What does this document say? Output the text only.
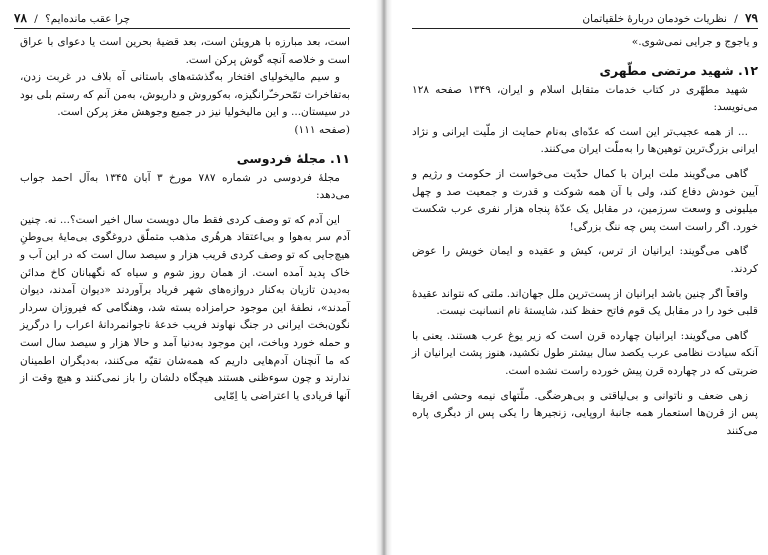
۷۹ / نظریات خودمان دربارۀ خلقیاتمان

و یاجوج و جرایی نمی‌شوی.»

۱۲. شهید مرتضی مطّهری

شهید مطهّری در کتاب خدمات متقابل اسلام و ایران، ۱۳۴۹ صفحه ۱۲۸ می‌نویسد:

... از همه عجیب‌تر این است که عدّه‌ای به‌نام حمایت از ملّیت ایرانی و نژاد ایرانی بزرگ‌ترین توهین‌ها را به‌ملّت ایران می‌کنند.

گاهی می‌گویند ملت ایران با کمال حدّیت می‌خواست از حکومت و رژیم و آیین خودش دفاع کند، ولی با آن همه شوکت و قدرت و جمعیت صد و چهل میلیونی و وسعت سرزمین، در مقابل یک عدّۀ پنجاه هزار نفری عرب شکست خورد. اگر راست است پس چه ننگ بزرگی!

گاهی می‌گویند: ایرانیان از ترس، کیش و عقیده و ایمان خویش را عوض کردند.

واقعاً اگر چنین باشد ایرانیان از پست‌ترین ملل جهان‌اند. ملتی که نتواند عقیدۀ قلبی خود را در مقابل یک قوم فاتح حفظ کند، شایستۀ نام انسانیت نیست.

گاهی می‌گویند: ایرانیان چهارده قرن است که زیر یوغ عرب هستند. یعنی با آنکه سیادت نظامی عرب یکصد سال بیشتر طول نکشید، هنوز پشت ایرانیان از ضربتی که در چهارده قرن پیش خورده راست نشده است.

زهی ضعف و ناتوانی و بی‌لیاقتی و بی‌هرضگی. ملّتهای نیمه وحشی افریقا پس از قرن‌ها استعمار همه جانبۀ اروپایی، زنجیرها را یکی پس از دیگری پاره می‌کنند

۷۸ / چرا عقب مانده‌ایم؟

است، بعد مبارزه با هرویئن است، بعد قضیۀ بحرین است یا دعوای با عراق است و خلاصه آنچه گوش پرکن است.

و سیم مالیخولیای افتخار به‌گذشته‌های باستانی آه بلاف در غربت زدن، به‌تفاخرات تمّحرخـّرانگیزه، به‌کوروش و داریوش، به‌من آنم که رستم بلی بود در سیستان... و این مالیخولیا نیز در جمیع وجوهش مغز پرکن است.

(صفحه ۱۱۱)

۱۱. مجلۀ فردوسی

مجلۀ فردوسی در شماره ۷۸۷ مورخ ۳ آبان ۱۳۴۵ به‌آل احمد جواب می‌دهد:

این آدم که تو وصف کردی فقط مال دویست سال اخیر است؟... نه. چنین آدم سر به‌هوا و بی‌اعتقاد هرهُری مذهب متملّق دروغگوی بی‌مایۀ بی‌وطنِ هیچ‌جایی که تو وصف کردی قریب هزار و سیصد سال است که در این آب و خاک پدید آمده است. از همان روز شوم و سیاه که نگهبانان کاخ مدائن به‌دیدن تازیان به‌کنار دروازه‌های شهر فریاد برآوردند «دیوان آمدند، دیوان آمدند»، نطفۀ این موجود حرامزاده بسته شد، وهنگامی که فیروزان سردار نگون‌بخت ایرانی در جنگ نهاوند فریب خدعۀ ناجوانمردانۀ اعراب را درگریز و حمله خورد وباخت، این موجود به‌دنیا آمد و حالا هزار و سیصد سال است که ما آنچنان آدم‌هایی داریم که همه‌شان تقیّه می‌کنند، به‌دیگران اطمینان ندارند و چون سوءظنی هستند هیچگاه دلشان را باز نمی‌کنند و هیچ وقت از آنها فریادی یا اعتراضی یا اِمّایی
